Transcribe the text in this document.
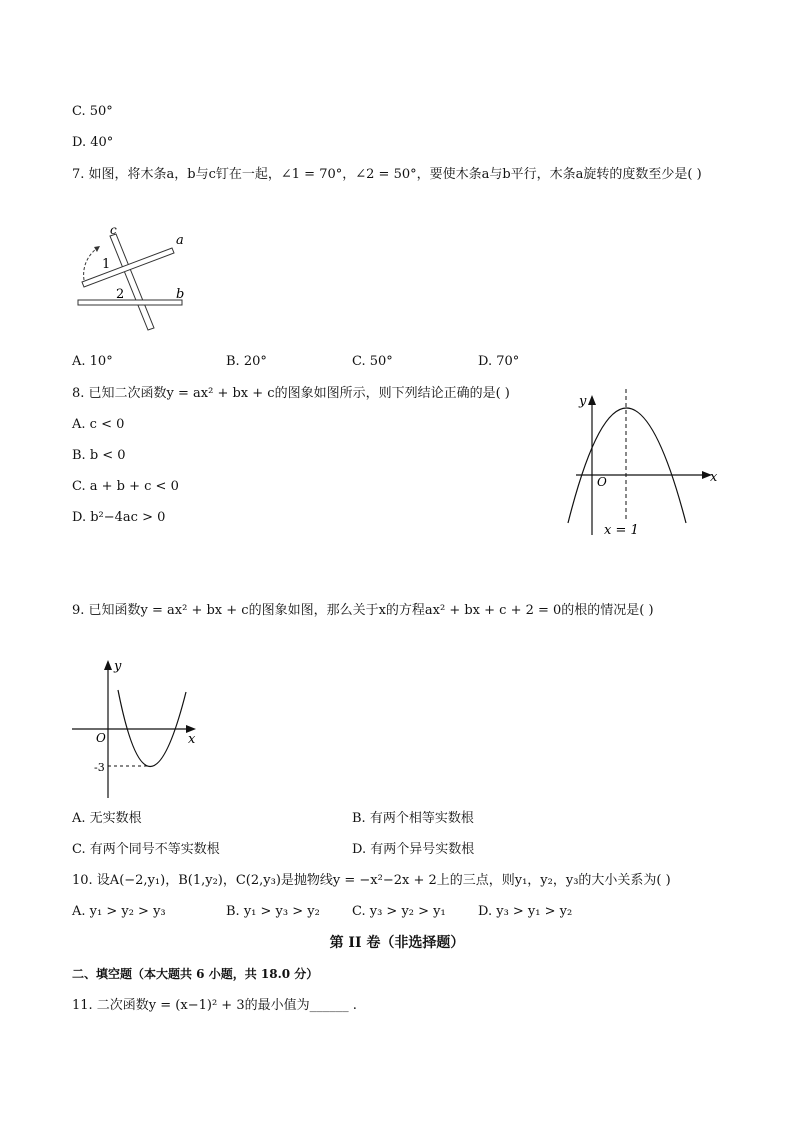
C. 50°
D. 40°
7. 如图，将木条a，b与c钉在一起，∠1 = 70°，∠2 = 50°，要使木条a与b平行，木条a旋转的度数至少是( )
c
a
b
1
2
A. 10°	B. 20°	C. 50°	D. 70°
8. 已知二次函数y = ax² + bx + c的图象如图所示，则下列结论正确的是( )
A. c < 0
B. b < 0
C. a + b + c < 0
D. b²−4ac > 0
y
x
O
x = 1
9. 已知函数y = ax² + bx + c的图象如图，那么关于x的方程ax² + bx + c + 2 = 0的根的情况是( )
y
x
O
-3
A. 无实数根	B. 有两个相等实数根
C. 有两个同号不等实数根	D. 有两个异号实数根
10. 设A(−2,y₁)，B(1,y₂)，C(2,y₃)是抛物线y = −x²−2x + 2上的三点，则y₁，y₂，y₃的大小关系为( )
A. y₁ > y₂ > y₃	B. y₁ > y₃ > y₂ C. y₃ > y₂ > y₁ D. y₃ > y₁ > y₂
第 II 卷（非选择题）
二、填空题（本大题共 6 小题，共 18.0 分）
11. 二次函数y = (x−1)² + 3的最小值为______ .
